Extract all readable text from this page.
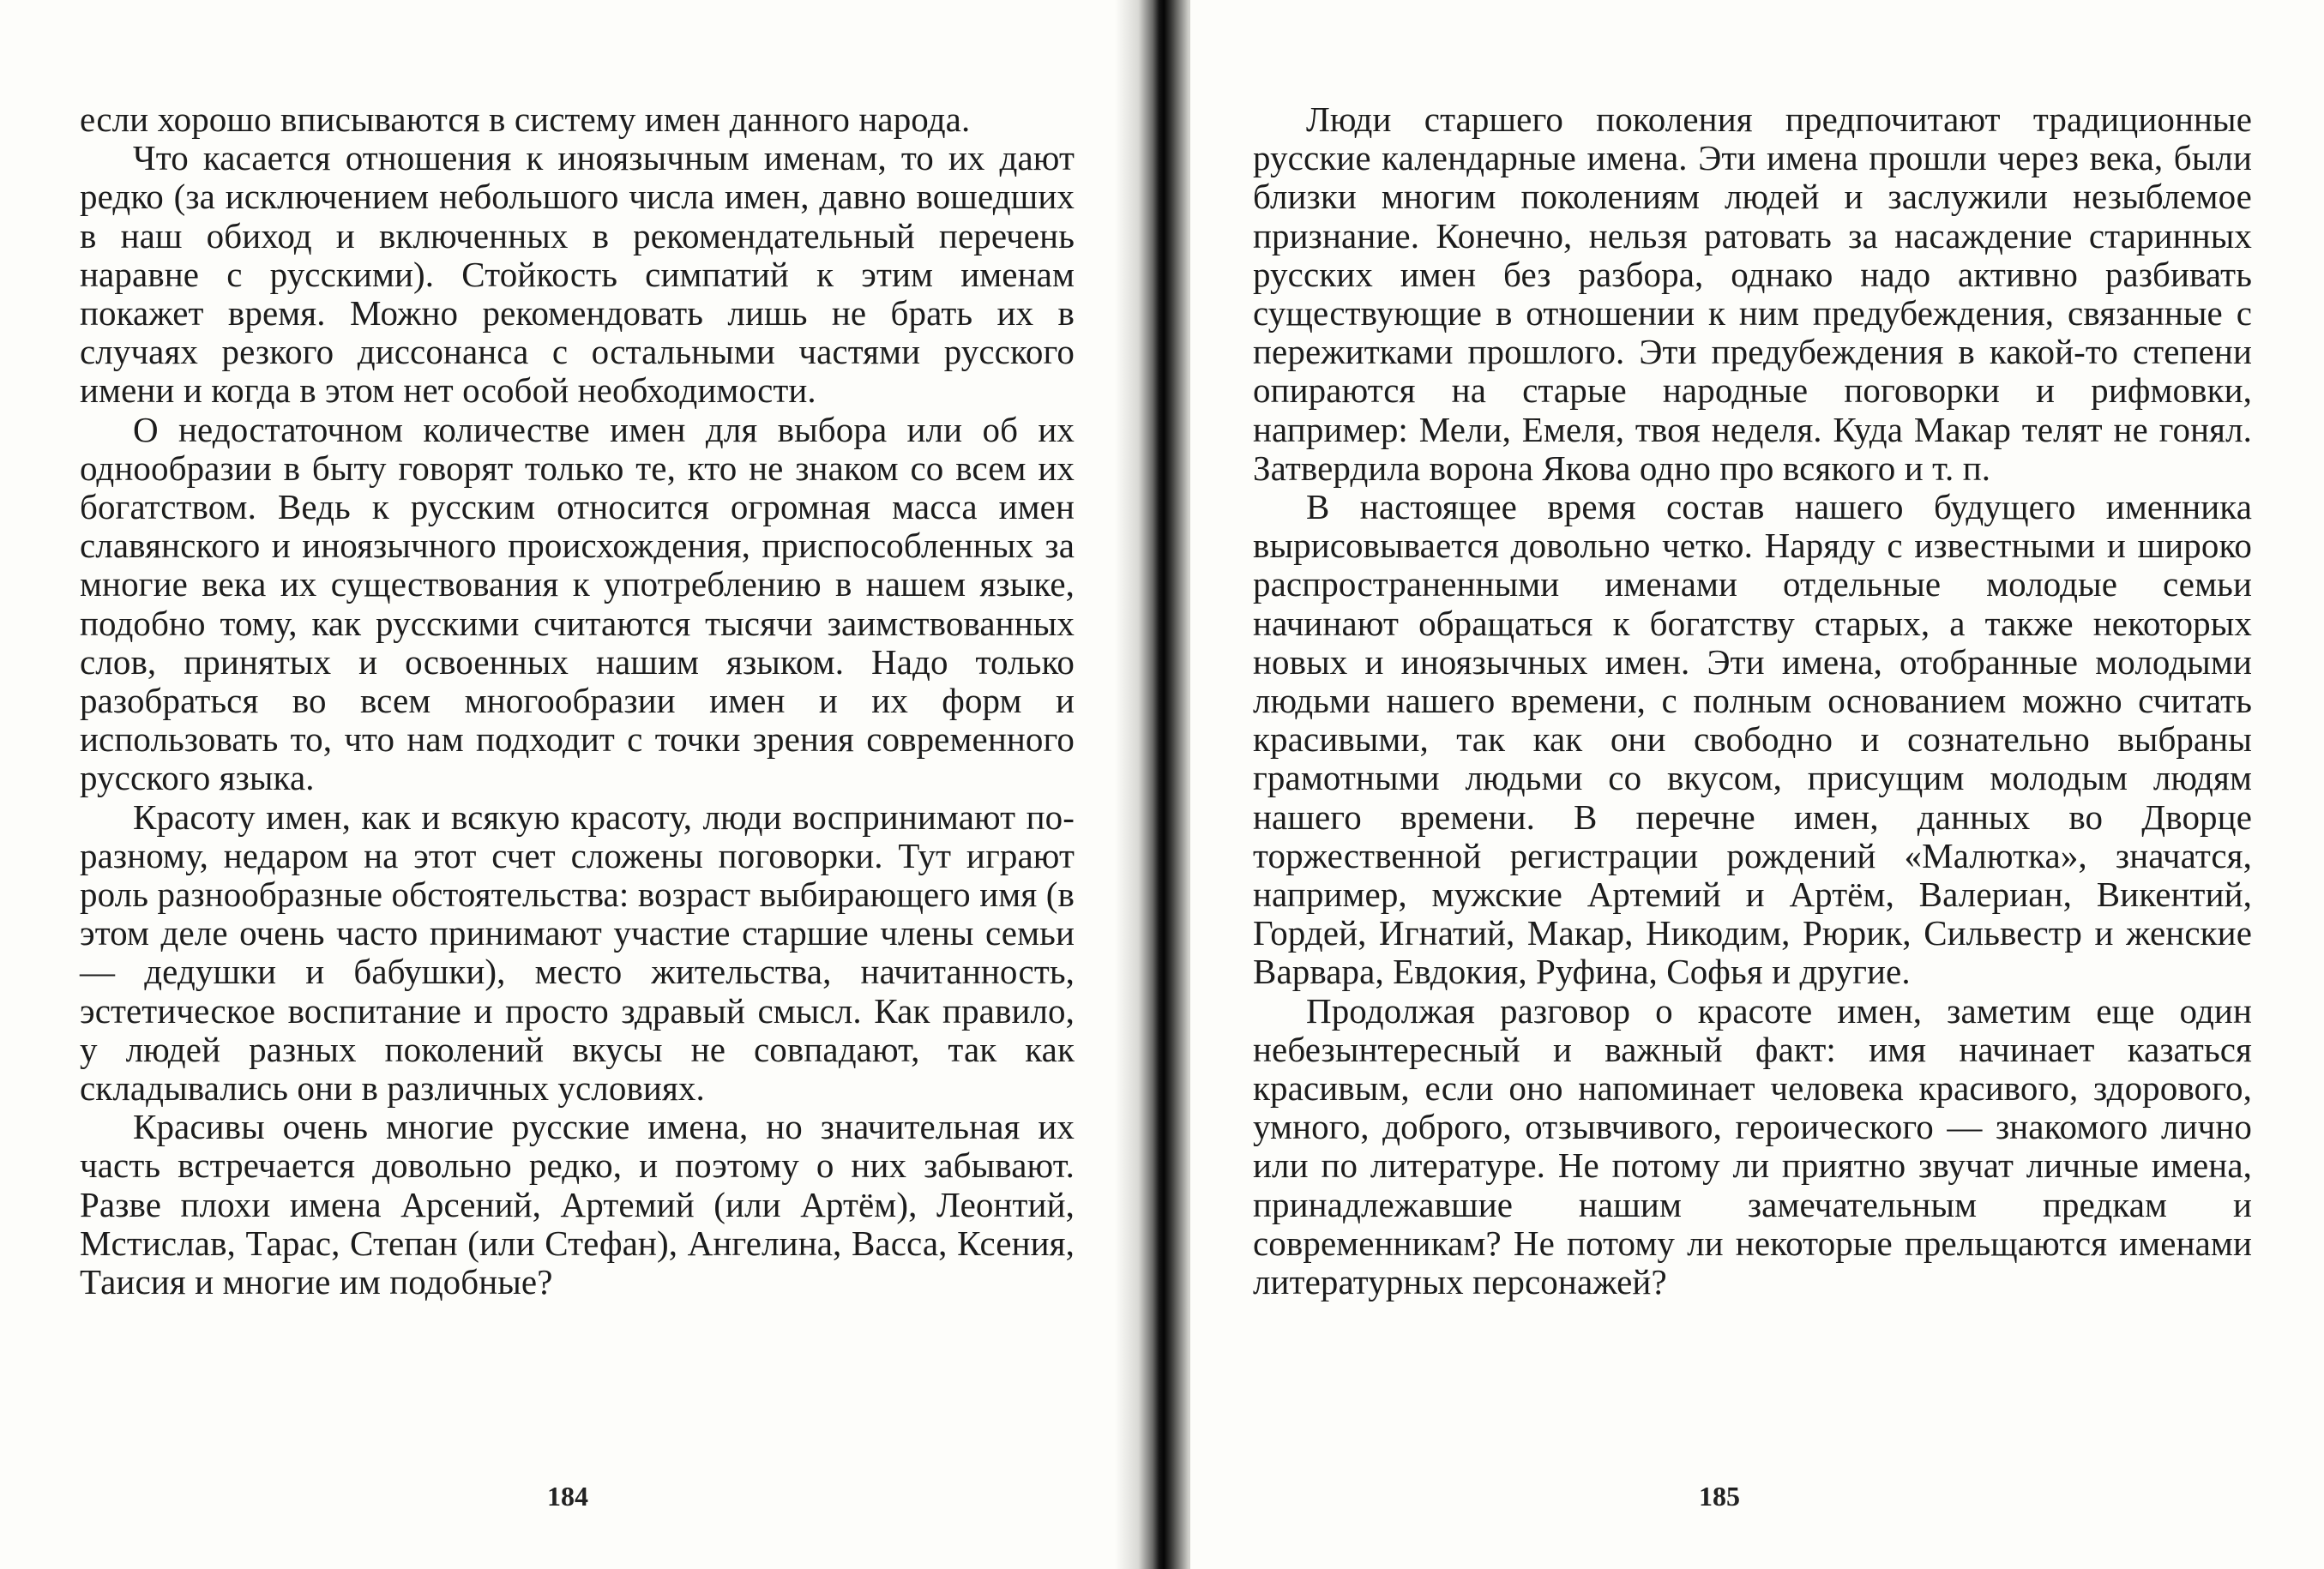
если хорошо вписываются в систему имен данного народа.

Что касается отношения к иноязычным именам, то их дают редко (за исключением небольшого числа имен, давно вошедших в наш обиход и включенных в рекомендательный перечень наравне с русскими). Стойкость симпатий к этим именам покажет время. Можно рекомендовать лишь не брать их в случаях резкого диссонанса с остальными частями русского имени и когда в этом нет особой необходимости.

О недостаточном количестве имен для выбора или об их однообразии в быту говорят только те, кто не знаком со всем их богатством. Ведь к русским относится огромная масса имен славянского и иноязычного происхождения, приспособленных за многие века их существования к употреблению в нашем языке, подобно тому, как русскими считаются тысячи заимствованных слов, принятых и освоенных нашим языком. Надо только разобраться во всем многообразии имен и их форм и использовать то, что нам подходит с точки зрения современного русского языка.

Красоту имен, как и всякую красоту, люди воспринимают по-разному, недаром на этот счет сложены поговорки. Тут играют роль разнообразные обстоятельства: возраст выбирающего имя (в этом деле очень часто принимают участие старшие члены семьи — дедушки и бабушки), место жительства, начитанность, эстетическое воспитание и просто здравый смысл. Как правило, у людей разных поколений вкусы не совпадают, так как складывались они в различных условиях.

Красивы очень многие русские имена, но значительная их часть встречается довольно редко, и поэтому о них забывают. Разве плохи имена Арсений, Артемий (или Артём), Леонтий, Мстислав, Тарас, Степан (или Стефан), Ангелина, Васса, Ксения, Таисия и многие им подобные?

184

Люди старшего поколения предпочитают традиционные русские календарные имена. Эти имена прошли через века, были близки многим поколениям людей и заслужили незыблемое признание. Конечно, нельзя ратовать за насаждение старинных русских имен без разбора, однако надо активно разбивать существующие в отношении к ним предубеждения, связанные с пережитками прошлого. Эти предубеждения в какой-то степени опираются на старые народные поговорки и рифмовки, например: Мели, Емеля, твоя неделя. Куда Макар телят не гонял. Затвердила ворона Якова одно про всякого и т. п.

В настоящее время состав нашего будущего именника вырисовывается довольно четко. Наряду с известными и широко распространенными именами отдельные молодые семьи начинают обращаться к богатству старых, а также некоторых новых и иноязычных имен. Эти имена, отобранные молодыми людьми нашего времени, с полным основанием можно считать красивыми, так как они свободно и сознательно выбраны грамотными людьми со вкусом, присущим молодым людям нашего времени. В перечне имен, данных во Дворце торжественной регистрации рождений «Малютка», значатся, например, мужские Артемий и Артём, Валериан, Викентий, Гордей, Игнатий, Макар, Никодим, Рюрик, Сильвестр и женские Варвара, Евдокия, Руфина, Софья и другие.

Продолжая разговор о красоте имен, заметим еще один небезынтересный и важный факт: имя начинает казаться красивым, если оно напоминает человека красивого, здорового, умного, доброго, отзывчивого, героического — знакомого лично или по литературе. Не потому ли приятно звучат личные имена, принадлежавшие нашим замечательным предкам и современникам? Не потому ли некоторые прельщаются именами литературных персонажей?

185
